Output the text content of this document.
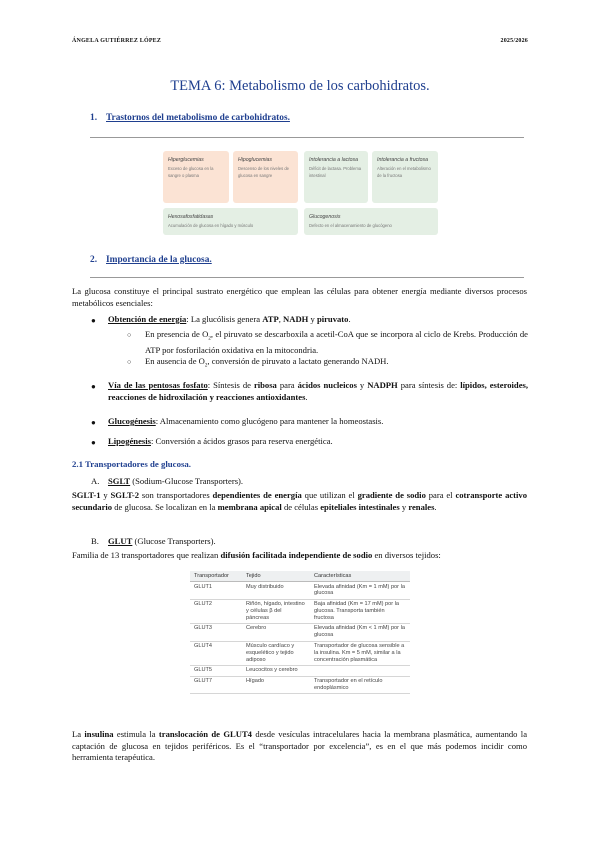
ÁNGELA GUTIÉRREZ LÓPEZ	2025/2026
TEMA 6: Metabolismo de los carbohidratos.
1. Trastornos del metabolismo de carbohidratos.
Hiperglucemias
Exceso de glucosa en la sangre o plasma
Hipoglucemias
Descenso de los niveles de glucosa en sangre
Intolerancia a lactosa
Déficit de lactasa. Problema intestinal
Intolerancia a fructosa
Alteración en el metabolismo de la fructosa
Hexosafosfatidasas
Acumulación de glucosa en hígado y músculo
Glucogenosis
Defecto en el almacenamiento de glucógeno
2. Importancia de la glucosa.
La glucosa constituye el principal sustrato energético que emplean las células para obtener energía mediante diversos procesos metabólicos esenciales:
● Obtención de energía: La glucólisis genera ATP, NADH y piruvato.
○ En presencia de $O_2$, el piruvato se descarboxila a acetil-CoA que se incorpora al ciclo de Krebs. Producción de ATP por fosforilación oxidativa en la mitocondria.
○ En ausencia de $O_2$, conversión de piruvato a lactato generando NADH.
● Vía de las pentosas fosfato: Síntesis de ribosa para ácidos nucleicos y NADPH para síntesis de: lípidos, esteroides, reacciones de hidroxilación y reacciones antioxidantes.
● Glucogénesis: Almacenamiento como glucógeno para mantener la homeostasis.
● Lipogénesis: Conversión a ácidos grasos para reserva energética.
2.1 Transportadores de glucosa.
A. SGLT (Sodium-Glucose Transporters).
SGLT-1 y SGLT-2 son transportadores dependientes de energía que utilizan el gradiente de sodio para el cotransporte activo secundario de glucosa. Se localizan en la membrana apical de células epiteliales intestinales y renales.
B. GLUT (Glucose Transporters).
Familia de 13 transportadores que realizan difusión facilitada independiente de sodio en diversos tejidos:
Transportador	Tejido	Características
GLUT1	Muy distribuido	Elevada afinidad (Km = 1 mM) por la glucosa
GLUT2	Riñón, hígado, intestino y células β del páncreas	Baja afinidad (Km = 17 mM) por la glucosa. Transporta también fructosa
GLUT3	Cerebro	Elevada afinidad (Km < 1 mM) por la glucosa
GLUT4	Músculo cardíaco y esquelético y tejido adiposo	Transportador de glucosa sensible a la insulina. Km = 5 mM, similar a la concentración plasmática
GLUT5	Leucocitos y cerebro	
GLUT7	Hígado	Transportador en el retículo endoplásmico
La insulina estimula la translocación de GLUT4 desde vesículas intracelulares hacia la membrana plasmática, aumentando la captación de glucosa en tejidos periféricos. Es el “transportador por excelencia”, es en el que más podemos incidir como herramienta terapéutica.
